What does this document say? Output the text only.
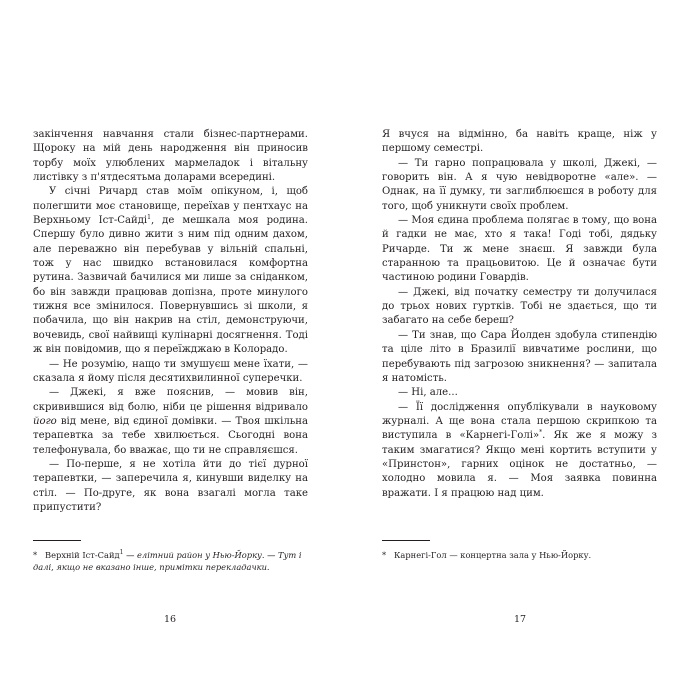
закінчення навчання стали бізнес-партнерами. Щороку на мій день народження він приносив торбу моїх улюблених мармеладок і вітальну листівку з п'ятдесятьма доларами всередині.

У січні Ричард став моїм опікуном, і, щоб полегшити моє становище, переїхав у пентхаус на Верхньому Іст-Сайді$^1$, де мешкала моя родина. Спершу було дивно жити з ним під одним дахом, але переважно він перебував у вільній спальні, тож у нас швидко встановилася комфортна рутина. Зазвичай бачилися ми лише за сніданком, бо він завжди працював допізна, проте минулого тижня все змінилося. Повернувшись зі школи, я побачила, що він накрив на стіл, демонструючи, вочевидь, свої найвищі кулінарні досягнення. Тоді ж він повідомив, що я переїжджаю в Колорадо.

— Не розумію, нащо ти змушуєш мене їхати, — сказала я йому після десятихвилинної суперечки.

— Джекі, я вже пояснив, — мовив він, скривившися від болю, ніби це рішення відривало його від мене, від єдиної домівки. — Твоя шкільна терапевтка за тебе хвилюється. Сьогодні вона телефонувала, бо вважає, що ти не справляєшся.

— По-перше, я не хотіла йти до тієї дурної терапевтки, — заперечила я, кинувши виделку на стіл. — По-друге, як вона взагалі могла таке припустити?

* Верхній Іст-Сайд$^1$ — елітний район у Нью-Йорку. — Тут і далі, якщо не вказано інше, примітки перекладачки.

16

Я вчуся на відмінно, ба навіть краще, ніж у першому семестрі.

— Ти гарно попрацювала у школі, Джекі, — говорить він. А я чую невідворотне «але». — Однак, на її думку, ти заглиблюєшся в роботу для того, щоб уникнути своїх проблем.

— Моя єдина проблема полягає в тому, що вона й гадки не має, хто я така! Годі тобі, дядьку Ричарде. Ти ж мене знаєш. Я завжди була старанною та працьовитою. Це й означає бути частиною родини Говардів.

— Джекі, від початку семестру ти долучилася до трьох нових гуртків. Тобі не здається, що ти забагато на себе береш?

— Ти знав, що Сара Йолден здобула стипендію та ціле літо в Бразилії вивчатиме рослини, що перебувають під загрозою зникнення? — запитала я натомість.

— Ні, але...

— Її дослідження опублікували в науковому журналі. А ще вона стала першою скрипкою та виступила в «Карнегі-Голі»*. Як же я можу з таким змагатися? Якщо мені кортить вступити у «Принстон», гарних оцінок не достатньо, — холодно мовила я. — Моя заявка повинна вражати. І я працюю над цим.

* Карнегі-Гол — концертна зала у Нью-Йорку.

17
